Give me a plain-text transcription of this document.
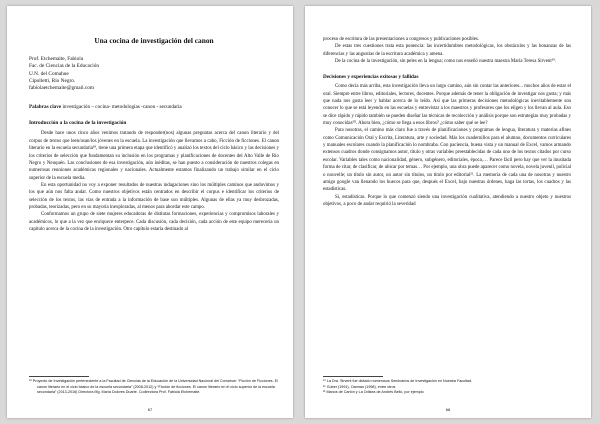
Una cocina de investigación del canon

Prof. Etchemaite, Fabiola

Fac. de Ciencias de la Educación

U.N. del Comahue

Cipolletti, Río Negro.

fabiolaetchemaite@gmail.com

Palabras clave investigación – cocina- metodologías -canon - secundaria
Introducción a la cocina de la investigación

Desde hace unos cinco años venimos tratando de responder(nos) algunas preguntas acerca del canon literario y del corpus de textos que leen/usan/los jóvenes en la escuela. La investigación que llevamos a cabo, Ficción de ficciones. El canon literario en la escuela secundaria¹⁸, tiene una primera etapa que identificó y analizó los textos del ciclo básico y las decisiones y los criterios de selección que fundamentan su inclusión en los programas y planificaciones de docentes del Alto Valle de Río Negro y Neuquén. Las conclusiones de esa investigación, aún inéditas, se han puesto a consideración de nuestros colegas en numerosas reuniones académicas regionales y nacionales. Actualmente estamos finalizando un trabajo similar en el ciclo superior de la escuela media.

En esta oportunidad no voy a exponer resultados de nuestras indagaciones sino los múltiples caminos que anduvimos y los que aún nos falta andar. Como nuestros objetivos están centrados en describir el corpus e identificar los criterios de selección de los textos, las vías de entrada a la información de base son múltiples. Algunas de ellas ya muy desbrozadas, probadas, teorizadas, pero en su mayoría inexploradas, al menos para abordar este campo.

Conformamos un grupo de siete mujeres educadoras de distintas formaciones, experiencias y compromisos laborales y académicos, lo que a la vez que enriquece enterpece. Cada discusión, cada decisión, cada acción de este equipo merecería un capítulo acerca de la cocina de la investigación. Otro capítulo estaría destinado al

¹⁸ Proyecto de Investigación perteneciente a la Facultad de Ciencias de la Educación de la Universidad Nacional del Comahue: “Ficción de Ficciones. El canon literario en el ciclo básico de la escuela secundaria” (2008-2012) y “Ficción de ficciones. El canon literario en el ciclo superior de la escuela secundaria” (2013-2016) Directora Mg. María Dolores Duarte. Codirectora Prof. Fabiola Etchemaite.

67

proceso de escritura de las presentaciones a congresos y publicaciones posibles.

De estas tres cuestiones trata esta ponencia: las incertidumbres metodológicas, los obstáculos y las bonanzas de las diferencias y las angustias de la escritura académica y amena.

De la cocina de la investigación, sin peles en la lengua; como nos enseñó nuestra maestra María Teresa Sirvent¹⁹.

Decisiones y experiencias exitosas y fallidas

Como decía más arriba, esta investigación lleva un largo camino, aún sin contar las anteriores... muchos años de estar el oral. Siempre entre libros, editoriales, lectores, docentes. Porque además de tener la obligación de investigar nos gusta; y más que nada nos gusta leer y hablar acerca de lo leído. Así que las primeras decisiones metodológicas inevitablemente son conocer lo que se está leyendo en las escuelas y entrevistar a los maestros y profesores que los eligen y los llevan al aula. Eso se dice rápido y rápido también se pueden diseñar las técnicas de recolección y análisis porque son estrategias muy probadas y muy conocidas²⁰. Ahora bien, ¿cómo se llega a esos libros? ¿cómo saber qué se lee?

Para nosotras, el camino más claro fue a través de planificaciones y programas de lengua, literatura y materias afines como Comunicación Oral y Escrita, Literatura, arte y sociedad. Más los cuadernillos para el alumno, documentos curriculares y manuales escolares cuando la planificación lo nombraba. Con paciencia, buena vista y un manual de Excel, vamos armando extensos cuadros donde consignamos autor, título y otras variables preestablecidas de cada uno de los textos citados por curso escolar. Variables tales como nacionalidad, género, subgénero, editoriales, época,… Parece fácil pero hay que ver la inusitada forma de citar, de clasificar, de ubicar por temas… Por ejemplo, una obra puede aparecer como novela, novela juvenil, policial o nouvelle; un título sin autor, un autor sin títulos, un título por editorial²¹. La memoria de cada una de nosotras y nuestro amigo google van llenando los huecos para que, después el Excel, bajo nuestras órdenes, haga las tortas, los cuadros y las estadísticas.

Si, estadísticas. Porque lo que comenzó siendo una investigación cualitativa, atendiendo a nuestro objeto y nuestros objetivos, a poco de andar requirió la severidad

¹⁹ La Dra. Sirvent fue dictado numerosos Seminarios de Investigación en Nuestra Facultad.

²⁰ Guber (1991), Oarman (1998), entre otros

²¹ Manos de Cartón y La Odisea de Andrés Bello, por ejemplo

68
